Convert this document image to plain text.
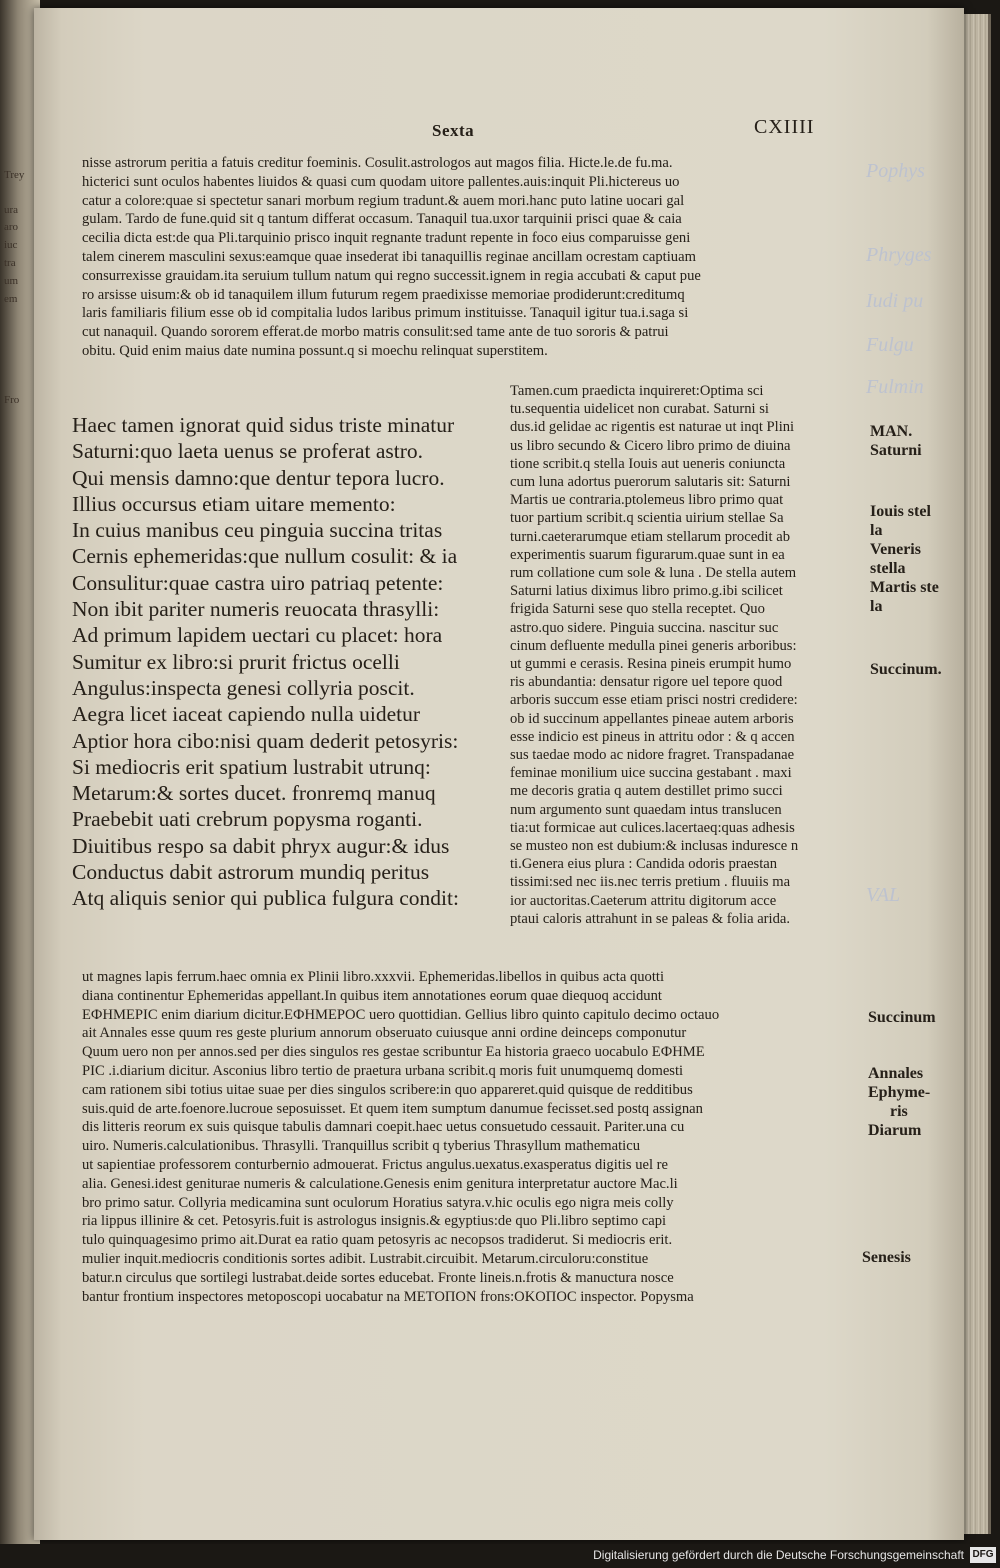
Trey
ura
aro
iuc
tra
um
em
Fro
Pophys
Phryges
Iudi pu
Fulgu
Fulmin
VAL
Sexta	CXIIII
nisse astrorum peritia a fatuis creditur foeminis. Cosulit.astrologos aut magos filia. Hicte.le.de fu.ma.
hicterici sunt oculos habentes liuidos & quasi cum quodam uitore pallentes.auis:inquit Pli.hictereus uo
catur a colore:quae si spectetur sanari morbum regium tradunt.& auem mori.hanc puto latine uocari gal
gulam. Tardo de fune.quid sit q tantum differat occasum. Tanaquil tua.uxor tarquinii prisci quae & caia
cecilia dicta est:de qua Pli.tarquinio prisco inquit regnante tradunt repente in foco eius comparuisse geni
talem cinerem masculini sexus:eamque quae insederat ibi tanaquillis reginae ancillam ocrestam captiuam
consurrexisse grauidam.ita seruium tullum natum qui regno successit.ignem in regia accubati & caput pue
ro arsisse uisum:& ob id tanaquilem illum futurum regem praedixisse memoriae prodiderunt:creditumq
laris familiaris filium esse ob id compitalia ludos laribus primum instituisse. Tanaquil igitur tua.i.saga si
cut nanaquil. Quando sororem efferat.de morbo matris consulit:sed tame ante de tuo sororis & patrui
obitu. Quid enim maius date numina possunt.q si moechu relinquat superstitem.
Haec tamen ignorat quid sidus triste minatur
Saturni:quo laeta uenus se proferat astro.
Qui mensis damno:que dentur tepora lucro.
Illius occursus etiam uitare memento:
In cuius manibus ceu pinguia succina tritas
Cernis ephemeridas:que nullum cosulit: & ia
Consulitur:quae castra uiro patriaq petente:
Non ibit pariter numeris reuocata thrasylli:
Ad primum lapidem uectari cu placet: hora
Sumitur ex libro:si prurit frictus ocelli
Angulus:inspecta genesi collyria poscit.
Aegra licet iaceat capiendo nulla uidetur
Aptior hora cibo:nisi quam dederit petosyris:
Si mediocris erit spatium lustrabit utrunq:
Metarum:& sortes ducet. fronremq manuq
Praebebit uati crebrum popysma roganti.
Diuitibus respo sa dabit phryx augur:& idus
Conductus dabit astrorum mundiq peritus
Atq aliquis senior qui publica fulgura condit:
Tamen.cum praedicta inquireret:Optima sci
tu.sequentia uidelicet non curabat. Saturni si
dus.id gelidae ac rigentis est naturae ut inqt Plini
us libro secundo & Cicero libro primo de diuina
tione scribit.q stella Iouis aut ueneris coniuncta
cum luna adortus puerorum salutaris sit: Saturni
Martis ue contraria.ptolemeus libro primo quat
tuor partium scribit.q scientia uirium stellae Sa
turni.caeterarumque etiam stellarum procedit ab
experimentis suarum figurarum.quae sunt in ea
rum collatione cum sole & luna . De stella autem
Saturni latius diximus libro primo.g.ibi scilicet
frigida Saturni sese quo stella receptet. Quo
astro.quo sidere. Pinguia succina. nascitur suc
cinum defluente medulla pinei generis arboribus:
ut gummi e cerasis. Resina pineis erumpit humo
ris abundantia: densatur rigore uel tepore quod
arboris succum esse etiam prisci nostri credidere:
ob id succinum appellantes pineae autem arboris
esse indicio est pineus in attritu odor : & q accen
sus taedae modo ac nidore fragret. Transpadanae
feminae monilium uice succina gestabant . maxi
me decoris gratia q autem destillet primo succi
num argumento sunt quaedam intus translucen
tia:ut formicae aut culices.lacertaeq:quas adhesis
se musteo non est dubium:& inclusas induresce n
ti.Genera eius plura : Candida odoris praestan
tissimi:sed nec iis.nec terris pretium . fluuiis ma
ior auctoritas.Caeterum attritu digitorum acce
ptaui caloris attrahunt in se paleas & folia arida.
ut magnes lapis ferrum.haec omnia ex Plinii libro.xxxvii. Ephemeridas.libellos in quibus acta quotti
diana continentur Ephemeridas appellant.In quibus item annotationes eorum quae diequoq accidunt
EФHMEPIC enim diarium dicitur.EФHMEPOC uero quottidian. Gellius libro quinto capitulo decimo octauo
ait Annales esse quum res geste plurium annorum obseruato cuiusque anni ordine deinceps componutur
Quum uero non per annos.sed per dies singulos res gestae scribuntur Ea historia graeco uocabulo EФHME
PIC .i.diarium dicitur. Asconius libro tertio de praetura urbana scribit.q moris fuit unumquemq domesti
cam rationem sibi totius uitae suae per dies singulos scribere:in quo appareret.quid quisque de redditibus
suis.quid de arte.foenore.lucroue seposuisset. Et quem item sumptum danumue fecisset.sed postq assignan
dis litteris reorum ex suis quisque tabulis damnari coepit.haec uetus consuetudo cessauit. Pariter.una cu
uiro. Numeris.calculationibus. Thrasylli. Tranquillus scribit q tyberius Thrasyllum mathematicu
ut sapientiae professorem conturbernio admouerat. Frictus angulus.uexatus.exasperatus digitis uel re
alia. Genesi.idest geniturae numeris & calculatione.Genesis enim genitura interpretatur auctore Mac.li
bro primo satur. Collyria medicamina sunt oculorum Horatius satyra.v.hic oculis ego nigra meis colly
ria lippus illinire & cet. Petosyris.fuit is astrologus insignis.& egyptius:de quo Pli.libro septimo capi
tulo quinquagesimo primo ait.Durat ea ratio quam petosyris ac necopsos tradiderut. Si mediocris erit.
mulier inquit.mediocris conditionis sortes adibit. Lustrabit.circuibit. Metarum.circuloru:constitue
batur.n circulus que sortilegi lustrabat.deide sortes educebat. Fronte lineis.n.frotis & manuctura nosce
bantur frontium inspectores metoposcopi uocabatur na METOПON frons:OKOПOC inspector. Popysma
MAN.
Saturni
Iouis stel
la
Veneris
stella
Martis ste
la
Succinum.
Succinum
Annales
Ephyme-
ris
Diarum
Senesis
Digitalisierung gefördert durch die Deutsche Forschungsgemeinschaft DFG
